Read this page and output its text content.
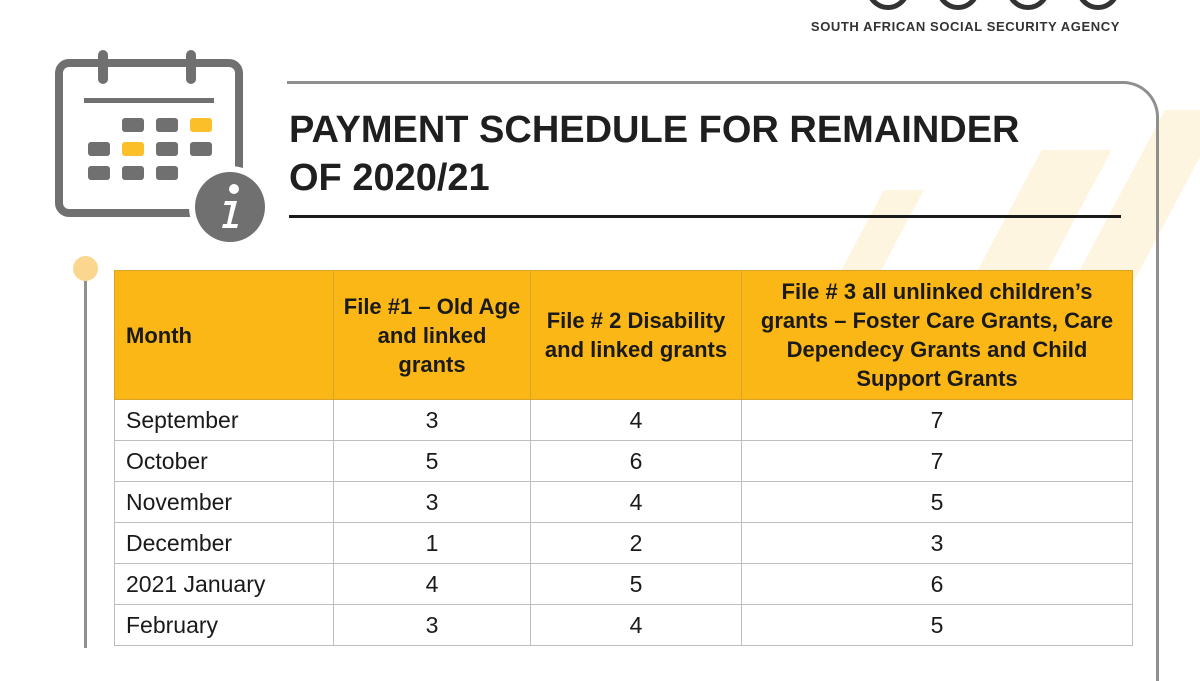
SOUTH AFRICAN SOCIAL SECURITY AGENCY
PAYMENT SCHEDULE FOR REMAINDER
OF 2020/21
Month	File #1 – Old Age and linked grants	File # 2 Disability and linked grants	File # 3 all unlinked children’s grants – Foster Care Grants, Care Dependecy Grants and Child Support Grants
September	3	4	7
October	5	6	7
November	3	4	5
December	1	2	3
2021 January	4	5	6
February	3	4	5
